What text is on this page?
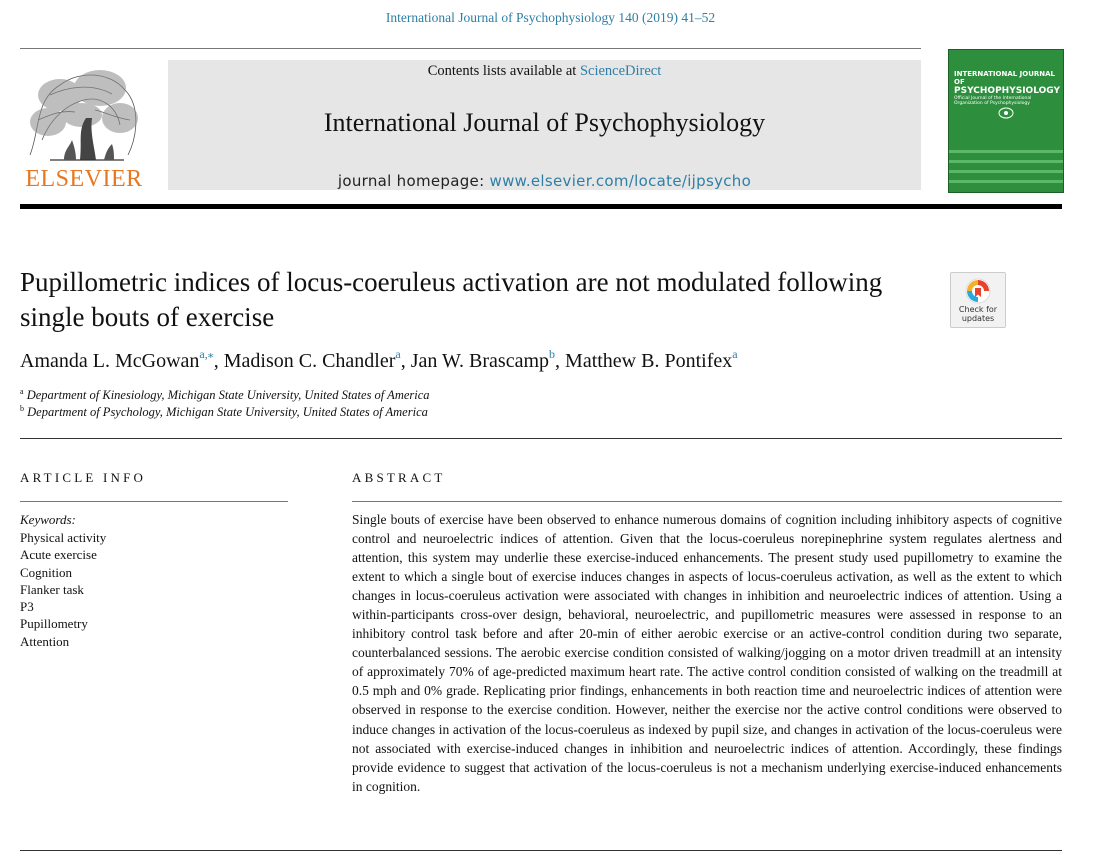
International Journal of Psychophysiology 140 (2019) 41–52
ELSEVIER
Contents lists available at ScienceDirect
International Journal of Psychophysiology
journal homepage: www.elsevier.com/locate/ijpsycho
INTERNATIONAL JOURNAL OF
PSYCHOPHYSIOLOGY
Official Journal of the International Organization of Psychophysiology
Pupillometric indices of locus-coeruleus activation are not modulated following single bouts of exercise	Check for
updates
Amanda L. McGowan$^{a,⁎}$, Madison C. Chandler$^a$, Jan W. Brascamp$^b$, Matthew B. Pontifex$^a$
$^a$ Department of Kinesiology, Michigan State University, United States of America
$^b$ Department of Psychology, Michigan State University, United States of America
ARTICLE INFO
Keywords:
Physical activity
Acute exercise
Cognition
Flanker task
P3
Pupillometry
Attention
ABSTRACT

Single bouts of exercise have been observed to enhance numerous domains of cognition including inhibitory aspects of cognitive control and neuroelectric indices of attention. Given that the locus-coeruleus norepinephrine system regulates alertness and attention, this system may underlie these exercise-induced enhancements. The present study used pupillometry to examine the extent to which a single bout of exercise induces changes in aspects of locus-coeruleus activation, as well as the extent to which changes in locus-coeruleus activation were associated with changes in inhibition and neuroelectric indices of attention. Using a within-participants cross-over design, behavioral, neuroelectric, and pupillometric measures were assessed in response to an inhibitory control task before and after 20-min of either aerobic exercise or an active-control condition during two separate, counterbalanced sessions. The aerobic exercise condition consisted of walking/jogging on a motor driven treadmill at an intensity of approximately 70% of age-predicted maximum heart rate. The active control condition consisted of walking on the treadmill at 0.5 mph and 0% grade. Replicating prior findings, enhancements in both reaction time and neuroelectric indices of attention were observed in response to the exercise condition. However, neither the exercise nor the active control conditions were observed to induce changes in activation of the locus-coeruleus as indexed by pupil size, and changes in activation of the locus-coeruleus were not associated with exercise-induced changes in inhibition and neuroelectric indices of attention. Accordingly, these findings provide evidence to suggest that activation of the locus-coeruleus is not a mechanism underlying exercise-induced enhancements in cognition.
